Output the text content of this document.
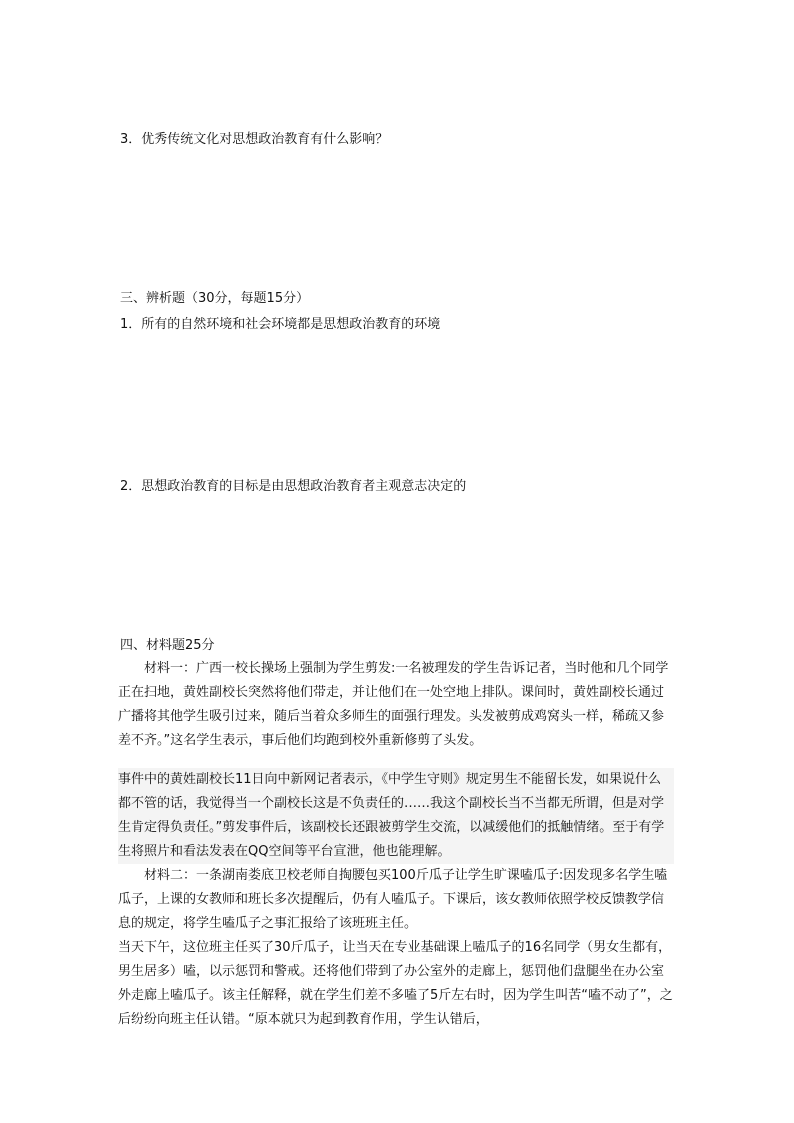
3．优秀传统文化对思想政治教育有什么影响？
三、辨析题（30分，每题15分）
1．所有的自然环境和社会环境都是思想政治教育的环境
2．思想政治教育的目标是由思想政治教育者主观意志决定的
四、材料题25分

材料一：广西一校长操场上强制为学生剪发:一名被理发的学生告诉记者，当时他和几个同学正在扫地，黄姓副校长突然将他们带走，并让他们在一处空地上排队。课间时，黄姓副校长通过广播将其他学生吸引过来，随后当着众多师生的面强行理发。头发被剪成鸡窝头一样，稀疏又参差不齐。”这名学生表示，事后他们均跑到校外重新修剪了头发。

事件中的黄姓副校长11日向中新网记者表示，《中学生守则》规定男生不能留长发，如果说什么都不管的话，我觉得当一个副校长这是不负责任的……我这个副校长当不当都无所谓，但是对学生肯定得负责任。”剪发事件后，该副校长还跟被剪学生交流，以减缓他们的抵触情绪。至于有学生将照片和看法发表在QQ空间等平台宣泄，他也能理解。

材料二：一条湖南娄底卫校老师自掏腰包买100斤瓜子让学生旷课嗑瓜子:因发现多名学生嗑瓜子，上课的女教师和班长多次提醒后，仍有人嗑瓜子。下课后，该女教师依照学校反馈教学信息的规定，将学生嗑瓜子之事汇报给了该班班主任。

当天下午，这位班主任买了30斤瓜子，让当天在专业基础课上嗑瓜子的16名同学（男女生都有，男生居多）嗑，以示惩罚和警戒。还将他们带到了办公室外的走廊上，惩罚他们盘腿坐在办公室外走廊上嗑瓜子。该主任解释，就在学生们差不多嗑了5斤左右时，因为学生叫苦“嗑不动了”，之后纷纷向班主任认错。“原本就只为起到教育作用，学生认错后，
